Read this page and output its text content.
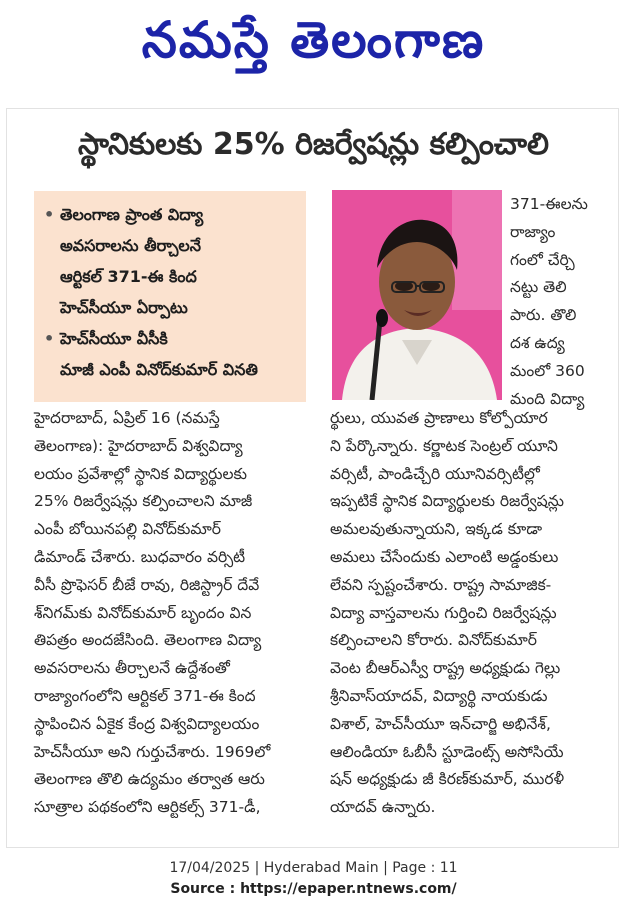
నమస్తే తెలంగాణ
స్థానికులకు 25% రిజర్వేషన్లు కల్పించాలి
• తెలంగాణ ప్రాంత విద్యా
అవసరాలను తీర్చాలనే
ఆర్టికల్ 371-ఈ కింద
హెచ్‌సీయూ ఏర్పాటు
• హెచ్‌సీయూ వీసీకి
మాజీ ఎంపీ వినోద్‌కుమార్ వినతి
371-ఈలను
రాజ్యాం
గంలో చేర్చి
నట్టు తెలి
పారు. తొలి
దశ ఉద్య
మంలో 360
మంది విద్యా
హైదరాబాద్, ఏప్రిల్ 16 (నమస్తే
తెలంగాణ): హైదరాబాద్ విశ్వవిద్యా
లయం ప్రవేశాల్లో స్థానిక విద్యార్థులకు
25% రిజర్వేషన్లు కల్పించాలని మాజీ
ఎంపీ బోయినపల్లి వినోద్‌కుమార్
డిమాండ్ చేశారు. బుధవారం వర్సిటీ
వీసీ ప్రొఫెసర్ బీజే రావు, రిజిస్ట్రార్ దేవే
శ్‌నిగమ్‌కు వినోద్‌కుమార్ బృందం విన
తిపత్రం అందజేసింది. తెలంగాణ విద్యా
అవసరాలను తీర్చాలనే ఉద్దేశంతో
రాజ్యాంగంలోని ఆర్టికల్ 371-ఈ కింద
స్థాపించిన ఏకైక కేంద్ర విశ్వవిద్యాలయం
హెచ్‌సీయూ అని గుర్తుచేశారు. 1969లో
తెలంగాణ తొలి ఉద్యమం తర్వాత ఆరు
సూత్రాల పథకంలోని ఆర్టికల్స్ 371-డీ,
ర్థులు, యువత ప్రాణాలు కోల్పోయార
ని పేర్కొన్నారు. కర్ణాటక సెంట్రల్ యూని
వర్సిటీ, పాండిచ్చేరి యూనివర్సిటీల్లో
ఇప్పటికే స్థానిక విద్యార్థులకు రిజర్వేషన్లు
అమలవుతున్నాయని, ఇక్కడ కూడా
అమలు చేసేందుకు ఎలాంటి అడ్డంకులు
లేవని స్పష్టంచేశారు. రాష్ట్ర సామాజిక-
విద్యా వాస్తవాలను గుర్తించి రిజర్వేషన్లు
కల్పించాలని కోరారు. వినోద్‌కుమార్
వెంట బీఆర్‌ఎస్వీ రాష్ట్ర అధ్యక్షుడు గెల్లు
శ్రీనివాస్‌యాదవ్, విద్యార్థి నాయకుడు
విశాల్, హెచ్‌సీయూ ఇన్‌చార్జి అభినేశ్,
ఆలిండియా ఓబీసీ స్టూడెంట్స్ అసోసియే
షన్ అధ్యక్షుడు జీ కిరణ్‌కుమార్, మురళీ
యాదవ్ ఉన్నారు.
17/04/2025 | Hyderabad Main | Page : 11
Source : https://epaper.ntnews.com/
